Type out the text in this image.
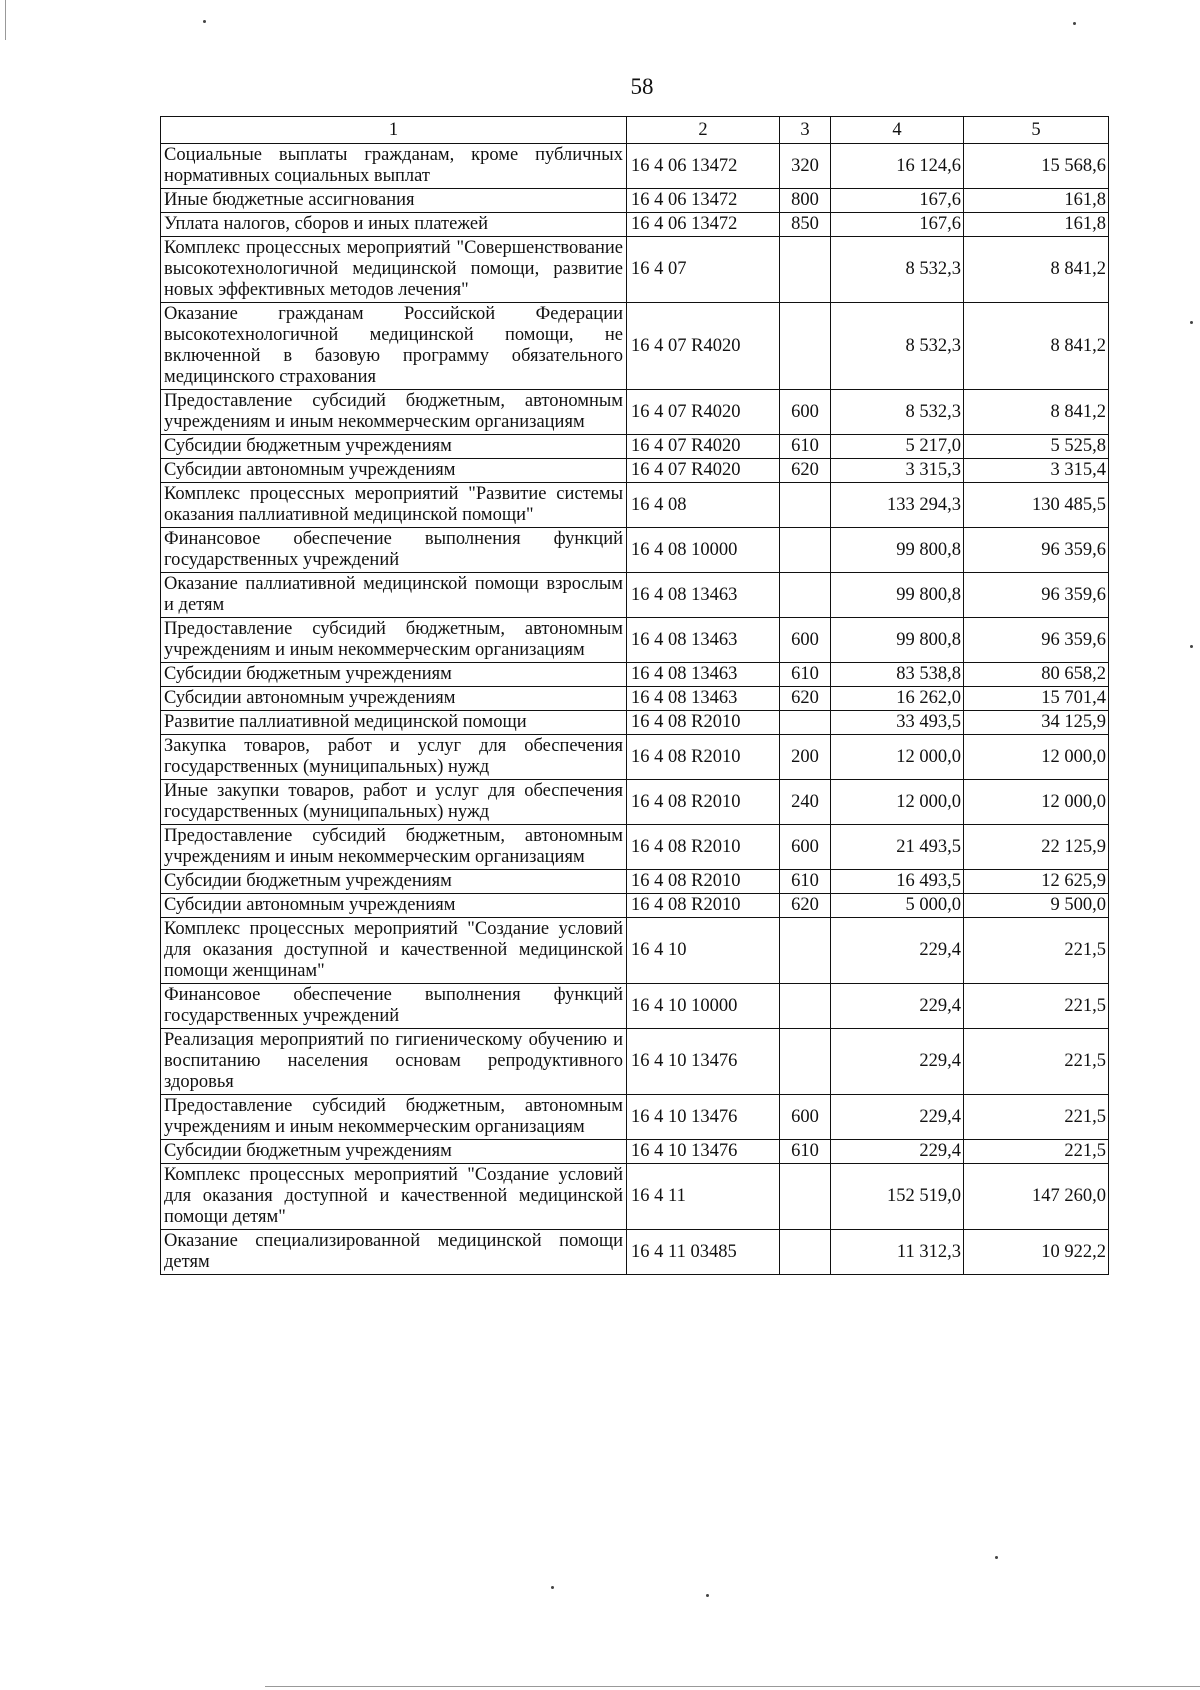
58
1	2	3	4	5
Социальные выплаты гражданам, кроме публичных нормативных социальных выплат	16 4 06 13472	320	16 124,6	15 568,6
Иные бюджетные ассигнования	16 4 06 13472	800	167,6	161,8
Уплата налогов, сборов и иных платежей	16 4 06 13472	850	167,6	161,8
Комплекс процессных мероприятий "Совершенствование высокотехнологичной медицинской помощи, развитие новых эффективных методов лечения"	16 4 07		8 532,3	8 841,2
Оказание гражданам Российской Федерации высокотехнологичной медицинской помощи, не включенной в базовую программу обязательного медицинского страхования	16 4 07 R4020		8 532,3	8 841,2
Предоставление субсидий бюджетным, автономным учреждениям и иным некоммерческим организациям	16 4 07 R4020	600	8 532,3	8 841,2
Субсидии бюджетным учреждениям	16 4 07 R4020	610	5 217,0	5 525,8
Субсидии автономным учреждениям	16 4 07 R4020	620	3 315,3	3 315,4
Комплекс процессных мероприятий "Развитие системы оказания паллиативной медицинской помощи"	16 4 08		133 294,3	130 485,5
Финансовое обеспечение выполнения функций государственных учреждений	16 4 08 10000		99 800,8	96 359,6
Оказание паллиативной медицинской помощи взрослым и детям	16 4 08 13463		99 800,8	96 359,6
Предоставление субсидий бюджетным, автономным учреждениям и иным некоммерческим организациям	16 4 08 13463	600	99 800,8	96 359,6
Субсидии бюджетным учреждениям	16 4 08 13463	610	83 538,8	80 658,2
Субсидии автономным учреждениям	16 4 08 13463	620	16 262,0	15 701,4
Развитие паллиативной медицинской помощи	16 4 08 R2010		33 493,5	34 125,9
Закупка товаров, работ и услуг для обеспечения государственных (муниципальных) нужд	16 4 08 R2010	200	12 000,0	12 000,0
Иные закупки товаров, работ и услуг для обеспечения государственных (муниципальных) нужд	16 4 08 R2010	240	12 000,0	12 000,0
Предоставление субсидий бюджетным, автономным учреждениям и иным некоммерческим организациям	16 4 08 R2010	600	21 493,5	22 125,9
Субсидии бюджетным учреждениям	16 4 08 R2010	610	16 493,5	12 625,9
Субсидии автономным учреждениям	16 4 08 R2010	620	5 000,0	9 500,0
Комплекс процессных мероприятий "Создание условий для оказания доступной и качественной медицинской помощи женщинам"	16 4 10		229,4	221,5
Финансовое обеспечение выполнения функций государственных учреждений	16 4 10 10000		229,4	221,5
Реализация мероприятий по гигиеническому обучению и воспитанию населения основам репродуктивного здоровья	16 4 10 13476		229,4	221,5
Предоставление субсидий бюджетным, автономным учреждениям и иным некоммерческим организациям	16 4 10 13476	600	229,4	221,5
Субсидии бюджетным учреждениям	16 4 10 13476	610	229,4	221,5
Комплекс процессных мероприятий "Создание условий для оказания доступной и качественной медицинской помощи детям"	16 4 11		152 519,0	147 260,0
Оказание специализированной медицинской помощи детям	16 4 11 03485		11 312,3	10 922,2
